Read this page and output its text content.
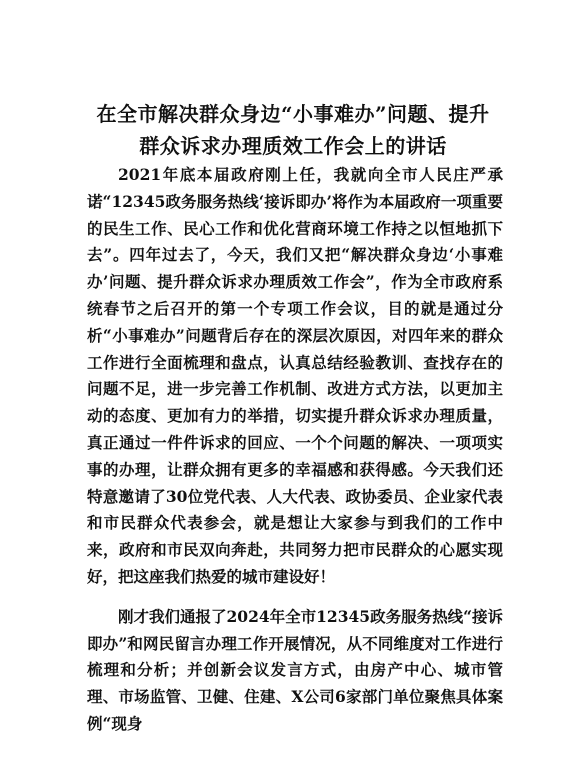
在全市解决群众身边“小事难办”问题、提升
群众诉求办理质效工作会上的讲话

2021年底本届政府刚上任，我就向全市人民庄严承诺“12345政务服务热线‘接诉即办’将作为本届政府一项重要的民生工作、民心工作和优化营商环境工作持之以恒地抓下去”。四年过去了，今天，我们又把“解决群众身边‘小事难办’问题、提升群众诉求办理质效工作会”，作为全市政府系统春节之后召开的第一个专项工作会议，目的就是通过分析“小事难办”问题背后存在的深层次原因，对四年来的群众工作进行全面梳理和盘点，认真总结经验教训、查找存在的问题不足，进一步完善工作机制、改进方式方法，以更加主动的态度、更加有力的举措，切实提升群众诉求办理质量，真正通过一件件诉求的回应、一个个问题的解决、一项项实事的办理，让群众拥有更多的幸福感和获得感。今天我们还特意邀请了30位党代表、人大代表、政协委员、企业家代表和市民群众代表参会，就是想让大家参与到我们的工作中来，政府和市民双向奔赴，共同努力把市民群众的心愿实现好，把这座我们热爱的城市建设好！

刚才我们通报了2024年全市12345政务服务热线“接诉即办”和网民留言办理工作开展情况，从不同维度对工作进行梳理和分析；并创新会议发言方式，由房产中心、城市管理、市场监管、卫健、住建、X公司6家部门单位聚焦具体案例“现身
